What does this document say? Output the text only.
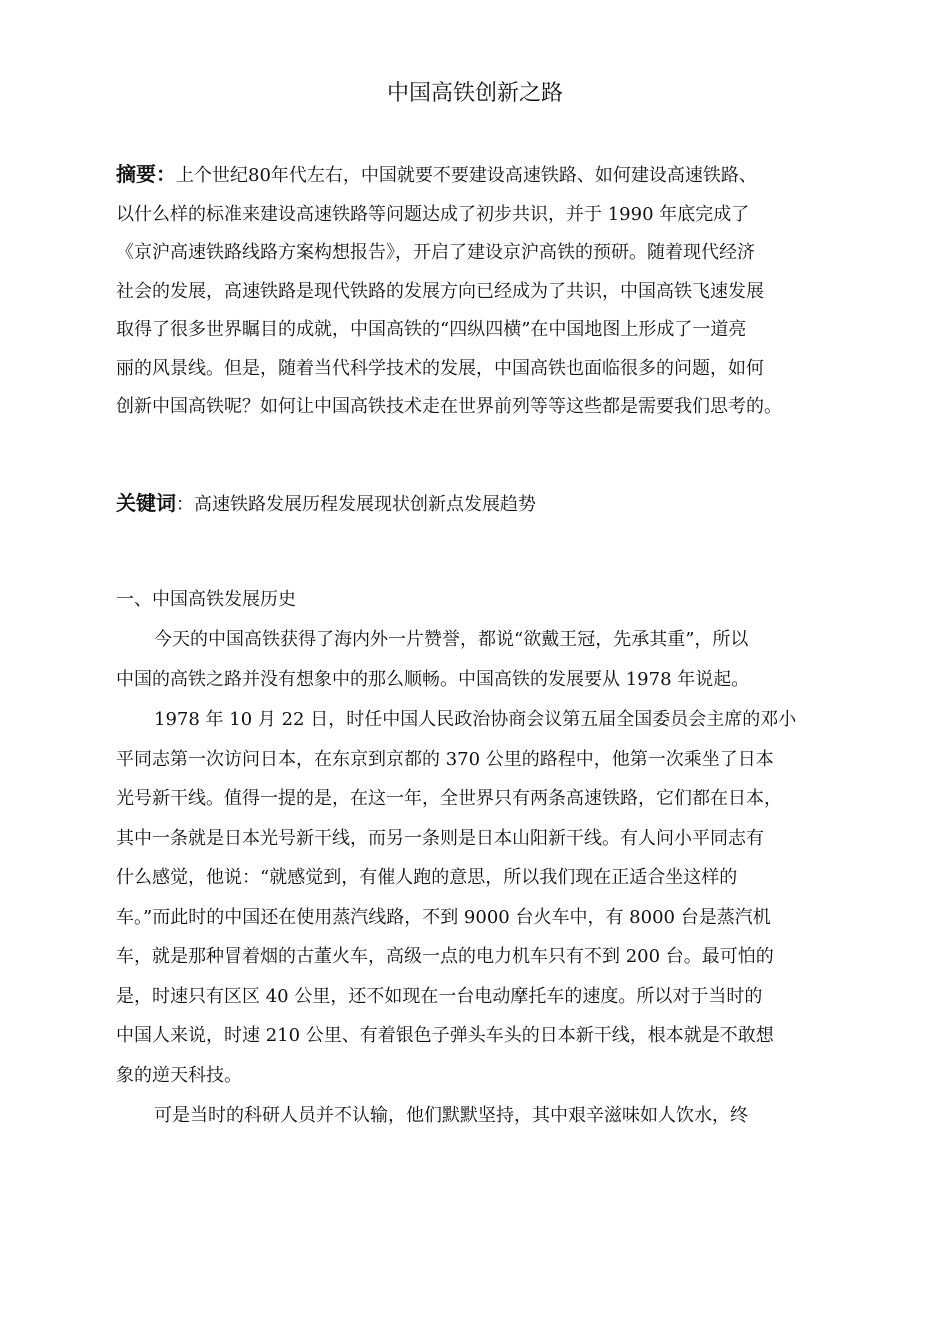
中国高铁创新之路
摘要：上个世纪80年代左右，中国就要不要建设高速铁路、如何建设高速铁路、
以什么样的标准来建设高速铁路等问题达成了初步共识，并于 1990 年底完成了
《京沪高速铁路线路方案构想报告》，开启了建设京沪高铁的预研。随着现代经济
社会的发展，高速铁路是现代铁路的发展方向已经成为了共识，中国高铁飞速发展
取得了很多世界瞩目的成就，中国高铁的“四纵四横”在中国地图上形成了一道亮
丽的风景线。但是，随着当代科学技术的发展，中国高铁也面临很多的问题，如何
创新中国高铁呢？如何让中国高铁技术走在世界前列等等这些都是需要我们思考的。

关键词：高速铁路发展历程发展现状创新点发展趋势

一、中国高铁发展历史
今天的中国高铁获得了海内外一片赞誉，都说“欲戴王冠，先承其重”，所以
中国的高铁之路并没有想象中的那么顺畅。中国高铁的发展要从 1978 年说起。
1978 年 10 月 22 日，时任中国人民政治协商会议第五届全国委员会主席的邓小
平同志第一次访问日本，在东京到京都的 370 公里的路程中，他第一次乘坐了日本
光号新干线。值得一提的是，在这一年，全世界只有两条高速铁路，它们都在日本，
其中一条就是日本光号新干线，而另一条则是日本山阳新干线。有人问小平同志有
什么感觉，他说：“就感觉到，有催人跑的意思，所以我们现在正适合坐这样的
车。”而此时的中国还在使用蒸汽线路，不到 9000 台火车中，有 8000 台是蒸汽机
车，就是那种冒着烟的古董火车，高级一点的电力机车只有不到 200 台。最可怕的
是，时速只有区区 40 公里，还不如现在一台电动摩托车的速度。所以对于当时的
中国人来说，时速 210 公里、有着银色子弹头车头的日本新干线，根本就是不敢想
象的逆天科技。
可是当时的科研人员并不认输，他们默默坚持，其中艰辛滋味如人饮水，终
